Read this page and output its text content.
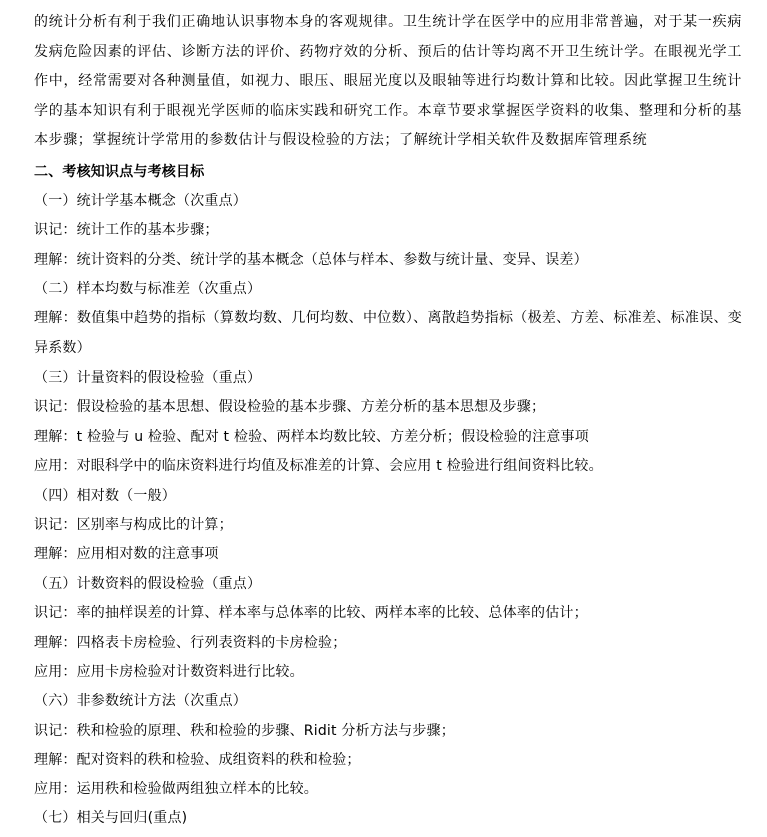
的统计分析有利于我们正确地认识事物本身的客观规律。卫生统计学在医学中的应用非常普遍，对于某一疾病发病危险因素的评估、诊断方法的评价、药物疗效的分析、预后的估计等均离不开卫生统计学。在眼视光学工作中，经常需要对各种测量值，如视力、眼压、眼屈光度以及眼轴等进行均数计算和比较。因此掌握卫生统计学的基本知识有利于眼视光学医师的临床实践和研究工作。本章节要求掌握医学资料的收集、整理和分析的基本步骤；掌握统计学常用的参数估计与假设检验的方法；了解统计学相关软件及数据库管理系统

二、考核知识点与考核目标
（一）统计学基本概念（次重点）
识记：统计工作的基本步骤；
理解：统计资料的分类、统计学的基本概念（总体与样本、参数与统计量、变异、误差）
（二）样本均数与标准差（次重点）
理解：数值集中趋势的指标（算数均数、几何均数、中位数）、离散趋势指标（极差、方差、标准差、标准误、变异系数）
（三）计量资料的假设检验（重点）
识记：假设检验的基本思想、假设检验的基本步骤、方差分析的基本思想及步骤；
理解：t 检验与 u 检验、配对 t 检验、两样本均数比较、方差分析；假设检验的注意事项
应用：对眼科学中的临床资料进行均值及标准差的计算、会应用 t 检验进行组间资料比较。
（四）相对数（一般）
识记：区别率与构成比的计算；
理解：应用相对数的注意事项
（五）计数资料的假设检验（重点）
识记：率的抽样误差的计算、样本率与总体率的比较、两样本率的比较、总体率的估计；
理解：四格表卡房检验、行列表资料的卡房检验；
应用：应用卡房检验对计数资料进行比较。
（六）非参数统计方法（次重点）
识记：秩和检验的原理、秩和检验的步骤、Ridit 分析方法与步骤；
理解：配对资料的秩和检验、成组资料的秩和检验；
应用：运用秩和检验做两组独立样本的比较。
（七）相关与回归(重点)
